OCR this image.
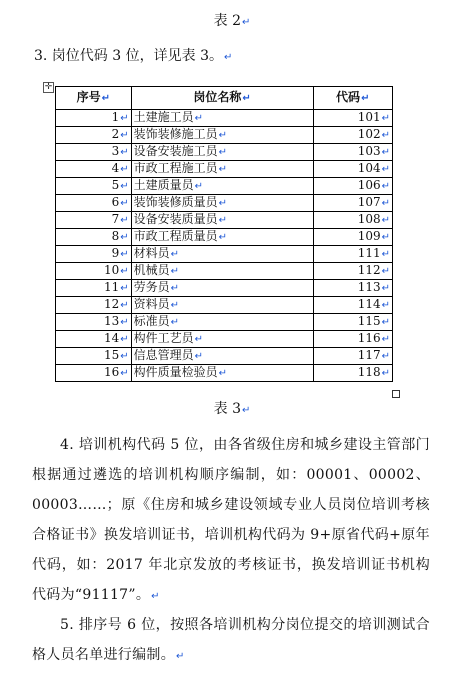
表 2↵
3. 岗位代码 3 位，详见表 3。↵
✛
序号↵	岗位名称↵	代码↵
1↵	土建施工员↵	101↵
2↵	装饰装修施工员↵	102↵
3↵	设备安装施工员↵	103↵
4↵	市政工程施工员↵	104↵
5↵	土建质量员↵	106↵
6↵	装饰装修质量员↵	107↵
7↵	设备安装质量员↵	108↵
8↵	市政工程质量员↵	109↵
9↵	材料员↵	111↵
10↵	机械员↵	112↵
11↵	劳务员↵	113↵
12↵	资料员↵	114↵
13↵	标准员↵	115↵
14↵	构件工艺员↵	116↵
15↵	信息管理员↵	117↵
16↵	构件质量检验员↵	118↵
表 3↵
4. 培训机构代码 5 位，由各省级住房和城乡建设主管部门根据通过遴选的培训机构顺序编制，如：00001、00002、00003……；原《住房和城乡建设领域专业人员岗位培训考核合格证书》换发培训证书，培训机构代码为 9+原省代码+原年代码，如：2017 年北京发放的考核证书，换发培训证书机构代码为“91117”。↵
5. 排序号 6 位，按照各培训机构分岗位提交的培训测试合格人员名单进行编制。↵
